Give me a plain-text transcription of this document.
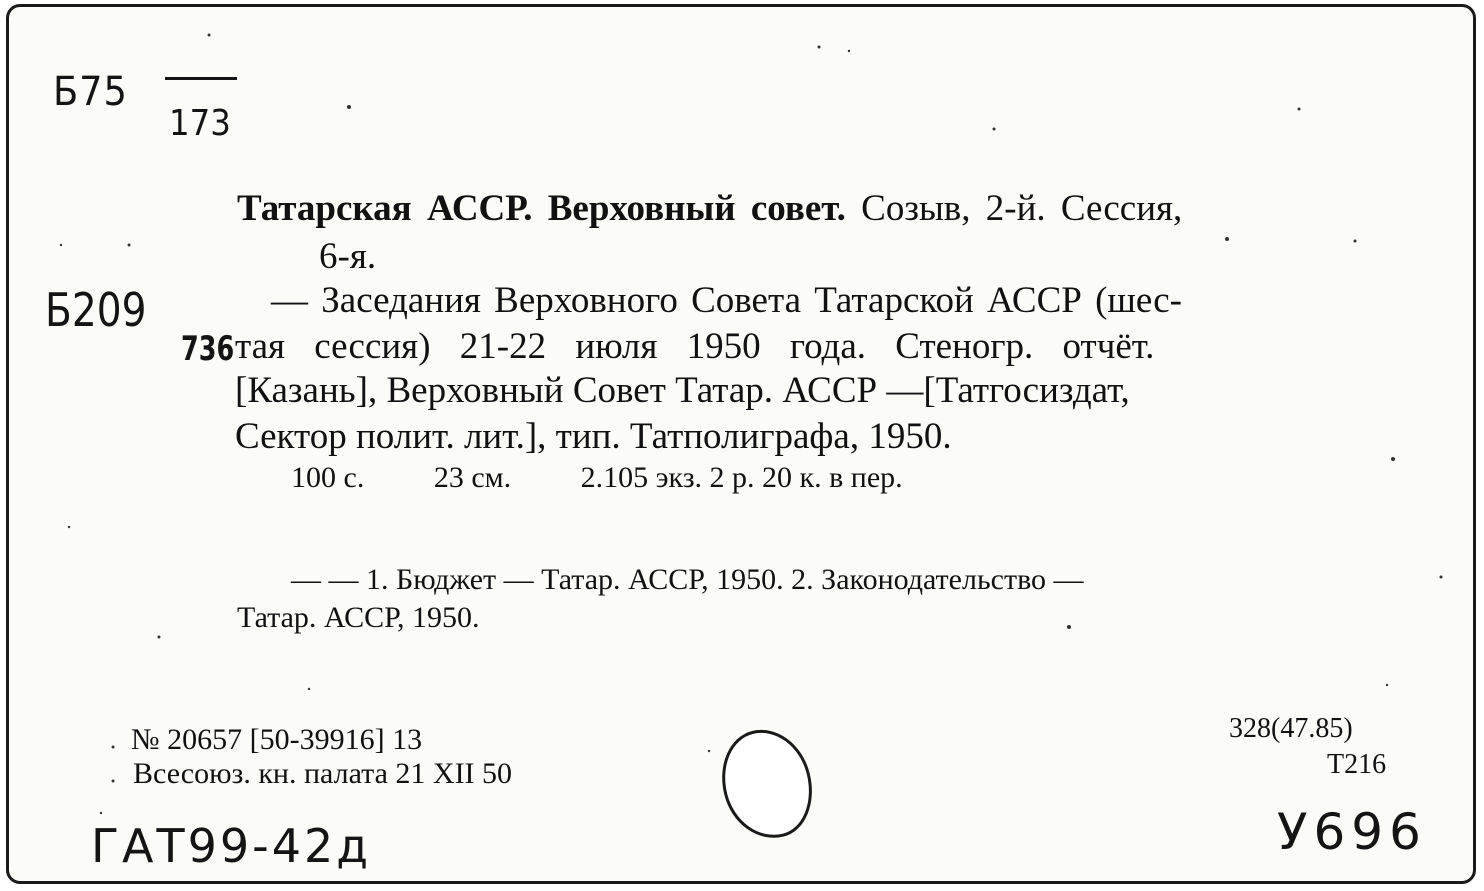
Б75
173
Татарская АССР. Верховный совет. Созыв, 2-й. Сессия,
6-я.
Б209
736
— Заседания Верховного Совета Татарской АССР (шес-
тая сессия) 21-22 июля 1950 года. Стеногр. отчёт.
[Казань], Верховный Совет Татар. АССР —[Татгосиздат,
Сектор полит. лит.], тип. Татполиграфа, 1950.
100 с. 23 см. 2.105 экз. 2 р. 20 к. в пер.
— — 1. Бюджет — Татар. АССР, 1950. 2. Законодательство —
Татар. АССР, 1950.
№ 20657 [50-39916] 13
Всесоюз. кн. палата 21 XII 50
328(47.85)
Т216
ГАТ99-42д	У696
